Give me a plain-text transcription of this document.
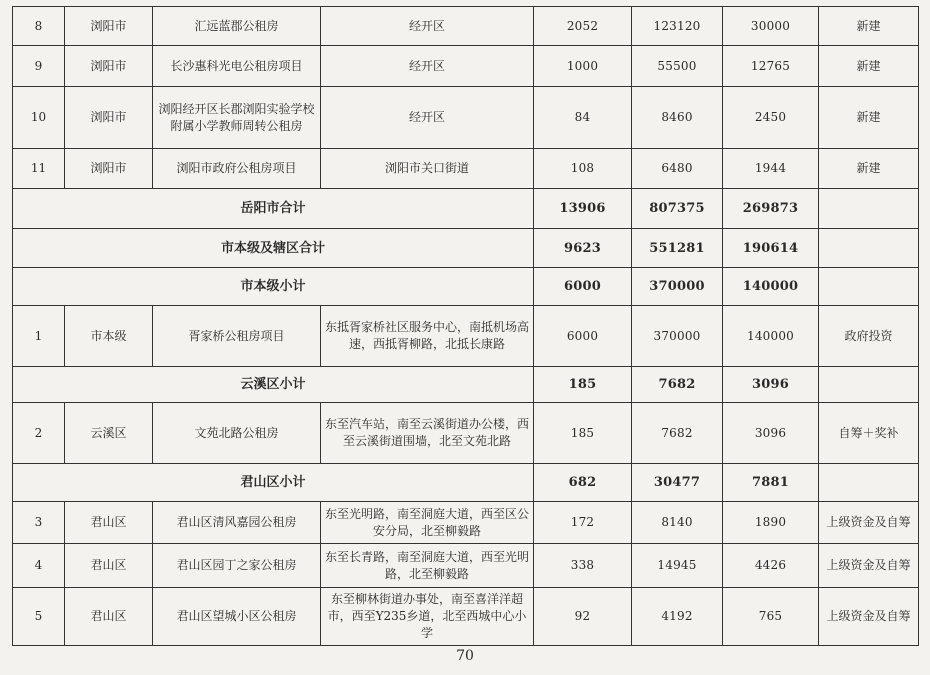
8	浏阳市	汇远蓝郡公租房	经开区	2052	123120	30000	新建
9	浏阳市	长沙惠科光电公租房项目	经开区	1000	55500	12765	新建
10	浏阳市	浏阳经开区长郡浏阳实验学校附属小学教师周转公租房	经开区	84	8460	2450	新建
11	浏阳市	浏阳市政府公租房项目	浏阳市关口街道	108	6480	1944	新建
岳阳市合计				13906	807375	269873	
市本级及辖区合计				9623	551281	190614	
市本级小计				6000	370000	140000	
1	市本级	胥家桥公租房项目	东抵胥家桥社区服务中心，南抵机场高速，西抵胥柳路，北抵长康路	6000	370000	140000	政府投资
云溪区小计				185	7682	3096	
2	云溪区	文苑北路公租房	东至汽车站，南至云溪街道办公楼，西至云溪街道围墙，北至文苑北路	185	7682	3096	自筹＋奖补
君山区小计				682	30477	7881	
3	君山区	君山区清风嘉园公租房	东至光明路，南至洞庭大道，西至区公安分局，北至柳毅路	172	8140	1890	上级资金及自筹
4	君山区	君山区园丁之家公租房	东至长青路，南至洞庭大道，西至光明路，北至柳毅路	338	14945	4426	上级资金及自筹
5	君山区	君山区望城小区公租房	东至柳林街道办事处，南至喜洋洋超市，西至Y235乡道，北至西城中心小学	92	4192	765	上级资金及自筹
70
